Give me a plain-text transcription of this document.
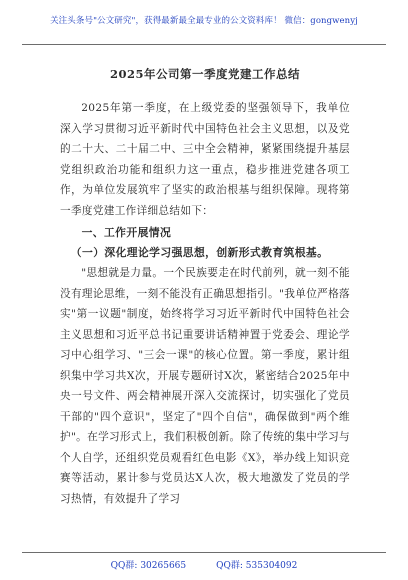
关注头条号"公文研究"，获得最新最全最专业的公文资料库！ 微信：gongwenyj
2025年公司第一季度党建工作总结

2025年第一季度，在上级党委的坚强领导下，我单位深入学习贯彻习近平新时代中国特色社会主义思想，以及党的二十大、二十届二中、三中全会精神，紧紧围绕提升基层党组织政治功能和组织力这一重点，稳步推进党建各项工作，为单位发展筑牢了坚实的政治根基与组织保障。现将第一季度党建工作详细总结如下：

一、工作开展情况
（一）深化理论学习强思想，创新形式教育筑根基。

"思想就是力量。一个民族要走在时代前列，就一刻不能没有理论思维，一刻不能没有正确思想指引。"我单位严格落实"第一议题"制度，始终将学习习近平新时代中国特色社会主义思想和习近平总书记重要讲话精神置于党委会、理论学习中心组学习、"三会一课"的核心位置。第一季度，累计组织集中学习共X次，开展专题研讨X次，紧密结合2025年中央一号文件、两会精神展开深入交流探讨，切实强化了党员干部的"四个意识"，坚定了"四个自信"，确保做到"两个维护"。在学习形式上，我们积极创新。除了传统的集中学习与个人自学，还组织党员观看红色电影《X》，举办线上知识竞赛等活动，累计参与党员达X人次，极大地激发了党员的学习热情，有效提升了学习

QQ群: 30265665	QQ群: 535304092
